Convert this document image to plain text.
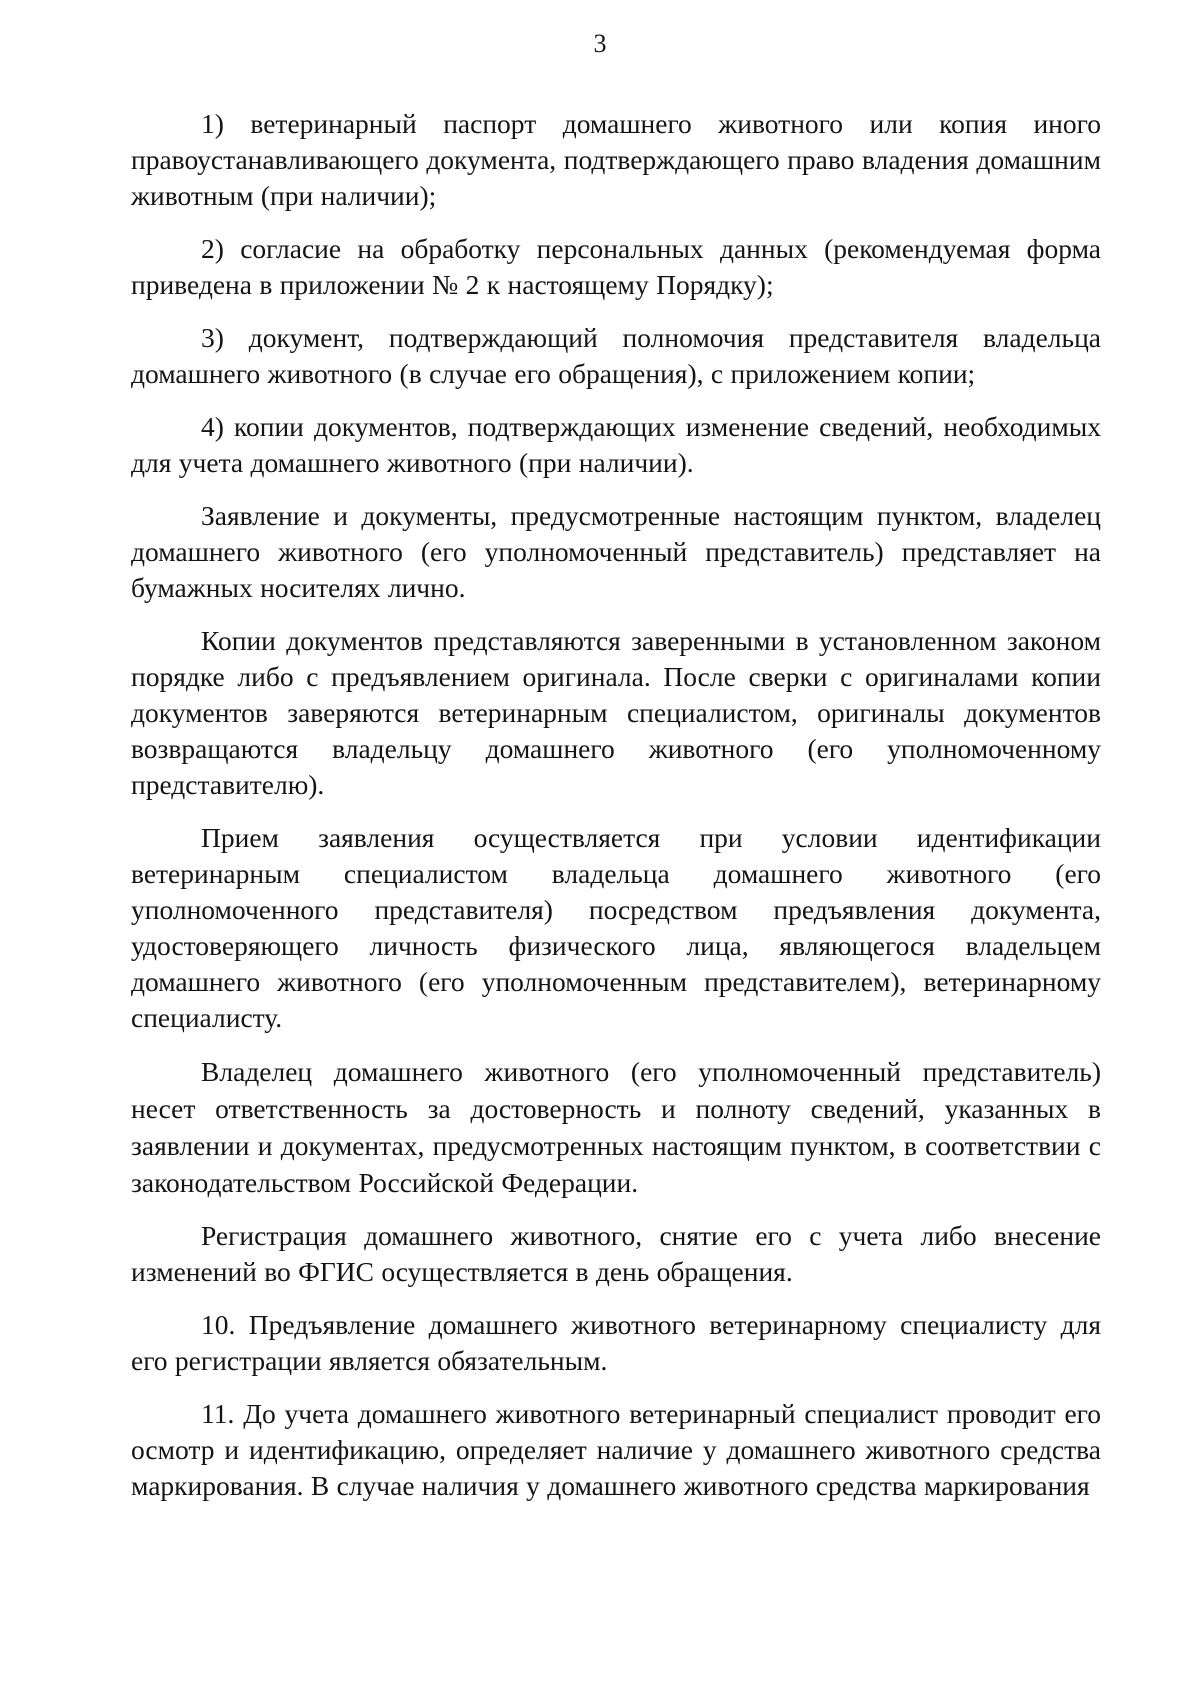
3

1) ветеринарный паспорт домашнего животного или копия иного правоустанавливающего документа, подтверждающего право владения домашним животным (при наличии);

2) согласие на обработку персональных данных (рекомендуемая форма приведена в приложении № 2 к настоящему Порядку);

3) документ, подтверждающий полномочия представителя владельца домашнего животного (в случае его обращения), с приложением копии;

4) копии документов, подтверждающих изменение сведений, необходимых для учета домашнего животного (при наличии).

Заявление и документы, предусмотренные настоящим пунктом, владелец домашнего животного (его уполномоченный представитель) представляет на бумажных носителях лично.

Копии документов представляются заверенными в установленном законом порядке либо с предъявлением оригинала. После сверки с оригиналами копии документов заверяются ветеринарным специалистом, оригиналы документов возвращаются владельцу домашнего животного (его уполномоченному представителю).

Прием заявления осуществляется при условии идентификации ветеринарным специалистом владельца домашнего животного (его уполномоченного представителя) посредством предъявления документа, удостоверяющего личность физического лица, являющегося владельцем домашнего животного (его уполномоченным представителем), ветеринарному специалисту.

Владелец домашнего животного (его уполномоченный представитель) несет ответственность за достоверность и полноту сведений, указанных в заявлении и документах, предусмотренных настоящим пунктом, в соответствии с законодательством Российской Федерации.

Регистрация домашнего животного, снятие его с учета либо внесение изменений во ФГИС осуществляется в день обращения.

10. Предъявление домашнего животного ветеринарному специалисту для его регистрации является обязательным.

11. До учета домашнего животного ветеринарный специалист проводит его осмотр и идентификацию, определяет наличие у домашнего животного средства маркирования. В случае наличия у домашнего животного средства маркирования
